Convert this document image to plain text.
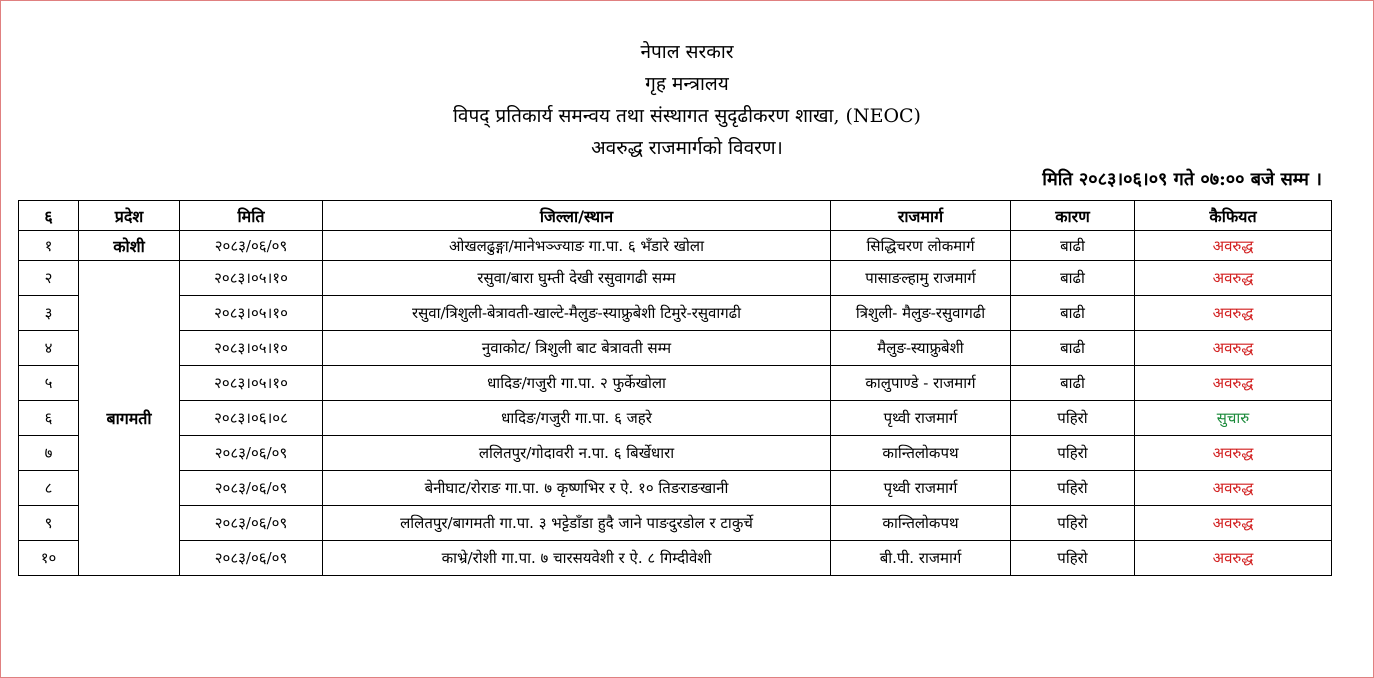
नेपाल सरकार
गृह मन्त्रालय
विपद् प्रतिकार्य समन्वय तथा संस्थागत सुदृढीकरण शाखा, (NEOC)
अवरुद्ध राजमार्गको विवरण।
मिति २०८३।०६।०९ गते ०७:०० बजे सम्म ।
६	प्रदेश	मिति	जिल्ला/स्थान	राजमार्ग	कारण	कैफियत
१	कोशी	२०८३/०६/०९	ओखलढुङ्गा/मानेभञ्ज्याङ गा.पा. ६ भँडारे खोला	सिद्धिचरण लोकमार्ग	बाढी	अवरुद्ध
२	बागमती	२०८३।०५।१०	रसुवा/बारा घुम्ती देखी रसुवागढी सम्म	पासाङल्हामु राजमार्ग	बाढी	अवरुद्ध
३		२०८३।०५।१०	रसुवा/त्रिशुली-बेत्रावती-खाल्टे-मैलुङ-स्याफ्रुबेशी टिमुरे-रसुवागढी	त्रिशुली- मैलुङ-रसुवागढी	बाढी	अवरुद्ध
४		२०८३।०५।१०	नुवाकोट/ त्रिशुली बाट बेत्रावती सम्म	मैलुङ-स्याफ्रुबेशी	बाढी	अवरुद्ध
५		२०८३।०५।१०	धादिङ/गजुरी गा.पा. २ फुर्केखोला	कालुपाण्डे - राजमार्ग	बाढी	अवरुद्ध
६		२०८३।०६।०८	धादिङ/गजुरी गा.पा. ६ जहरे	पृथ्वी राजमार्ग	पहिरो	सुचारु
७		२०८३/०६/०९	ललितपुर/गोदावरी न.पा. ६ बिर्खेधारा	कान्तिलोकपथ	पहिरो	अवरुद्ध
८		२०८३/०६/०९	बेनीघाट/रोराङ गा.पा. ७ कृष्णभिर र ऐ. १० तिङराङखानी	पृथ्वी राजमार्ग	पहिरो	अवरुद्ध
९		२०८३/०६/०९	ललितपुर/बागमती गा.पा. ३ भट्टेडाँडा हुदै जाने पाङदुरडोल र टाकुर्चे	कान्तिलोकपथ	पहिरो	अवरुद्ध
१०		२०८३/०६/०९	काभ्रे/रोशी गा.पा. ७ चारसयवेशी र ऐ. ८ गिम्दीवेशी	बी.पी. राजमार्ग	पहिरो	अवरुद्ध
